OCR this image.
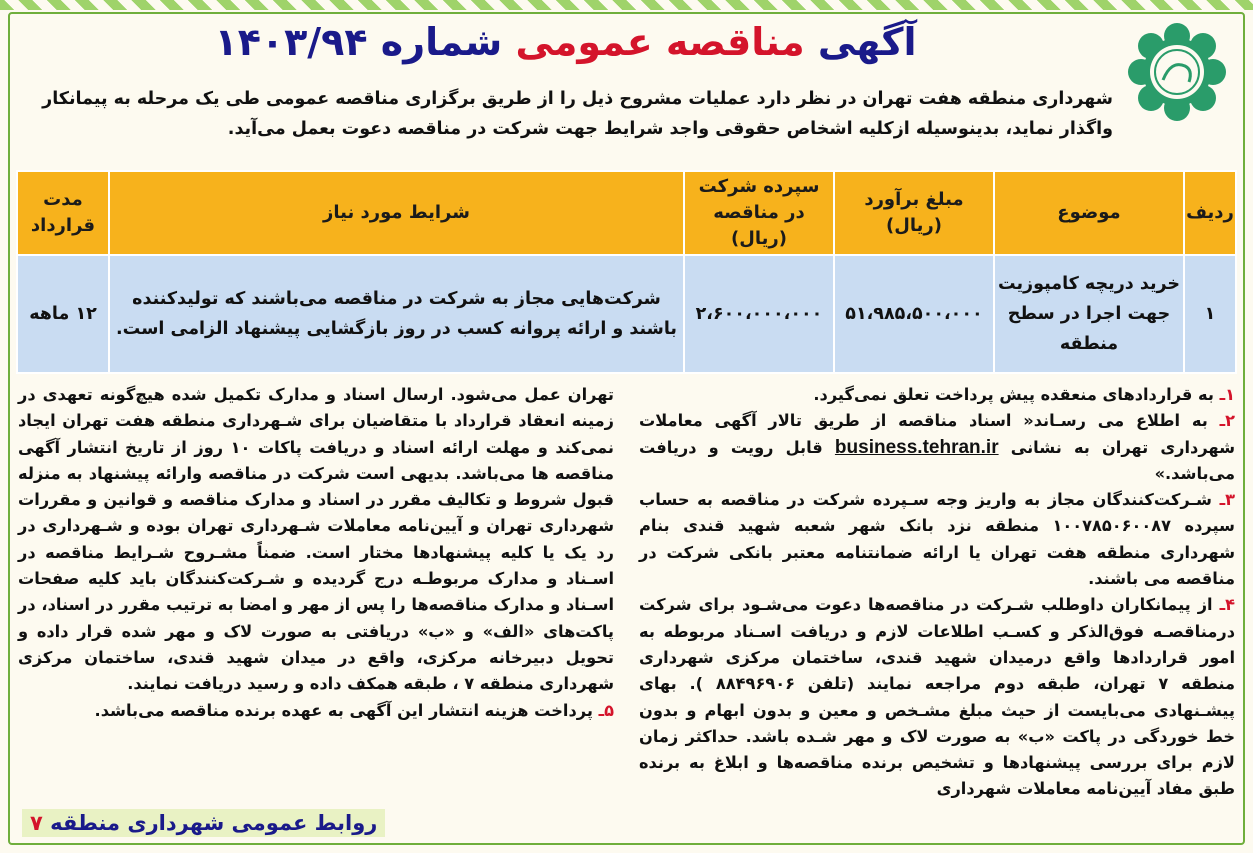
آگهی مناقصه عمومی شماره ۱۴۰۳/۹۴
شهرداری منطقه هفت تهران در نظر دارد عملیات مشروح ذیل را از طریق برگزاری مناقصه عمومی طی یک مرحله به پیمانکار واگذار نماید، بدینوسیله ازکلیه اشخاص حقوقی واجد شرایط جهت شرکت در مناقصه دعوت بعمل می‌آید.
ردیف	موضوع	مبلغ برآورد (ریال)	سپرده شرکت در مناقصه (ریال)	شرایط مورد نیاز	مدت قرارداد
۱	خرید دریچه کامپوزیت جهت اجرا در سطح منطقه	۵۱،۹۸۵،۵۰۰،۰۰۰	۲،۶۰۰،۰۰۰،۰۰۰	شرکت‌هایی مجاز به شرکت در مناقصه می‌باشند که تولیدکننده باشند و ارائه پروانه کسب در روز بازگشایی پیشنهاد الزامی است.	۱۲ ماهه

۱ـ به قراردادهای منعقده پیش پرداخت تعلق نمی‌گیرد.

۲ـ به اطلاع می رسـاند« اسناد مناقصه از طریق تالار آگهی معاملات شهرداری تهران به نشانی business.tehran.ir قابل رویت و دریافت می‌باشد.»

۳ـ شـرکت‌کنندگان مجاز به واریز وجه سـپرده شرکت در مناقصه به حساب سپرده ۱۰۰۷۸۵۰۶۰۰۸۷ منطقه نزد بانک شهر شعبه شهید قندی بنام شهرداری منطقه هفت تهران یا ارائه ضمانتنامه معتبر بانکی شرکت در مناقصه می باشند.

۴ـ از پیمانکاران داوطلب شـرکت در مناقصه‌ها دعوت می‌شـود برای شرکت درمناقصـه فوق‌الذکر و کسـب اطلاعات لازم و دریافت اسـناد مربوطه به امور قراردادها واقع درمیدان شهید قندی، ساختمان مرکزی شهرداری منطقه ۷ تهران، طبقه دوم مراجعه نمایند (تلفن ۸۸۴۹۶۹۰۶ ). بهای پیشـنهادی می‌بایست از حیث مبلغ مشـخص و معین و بدون ابهام و بدون خط خوردگی در پاکت «ب» به صورت لاک و مهر شـده باشد. حداکثر زمان لازم برای بررسی پیشنهادها و تشخیص برنده مناقصه‌ها و ابلاغ به برنده طبق مفاد آیین‌نامه معاملات شهرداری

تهران عمل می‌شود. ارسال اسناد و مدارک تکمیل شده هیچ‌گونه تعهدی در زمینه انعقاد قرارداد با متقاضیان برای شـهرداری منطقه هفت تهران ایجاد نمی‌کند و مهلت ارائه اسناد و دریافت پاکات ۱۰ روز از تاریخ انتشار آگهی مناقصه ها می‌باشد. بدیهی است شرکت در مناقصه وارائه پیشنهاد به منزله قبول شروط و تکالیف مقرر در اسناد و مدارک مناقصه و قوانین و مقررات شهرداری تهران و آیین‌نامه معاملات شـهرداری تهران بوده و شـهرداری در رد یک یا کلیه پیشنهادها مختار است. ضمناً مشـروح شـرایط مناقصه در اسـناد و مدارک مربوطـه درج گردیده و شـرکت‌کنندگان باید کلیه صفحات اسـناد و مدارک مناقصه‌ها را پس از مهر و امضا به ترتیب مقرر در اسناد، در پاکت‌های «الف» و «ب» دریافتی به صورت لاک و مهر شده قرار داده و تحویل دبیرخانه مرکزی، واقع در میدان شهید قندی، ساختمان مرکزی شهرداری منطقه ۷ ، طبقه همکف داده و رسید دریافت نمایند.

۵ـ پرداخت هزینه انتشار این آگهی به عهده برنده مناقصه می‌باشد.

روابط عمومی شهرداری منطقه ۷
